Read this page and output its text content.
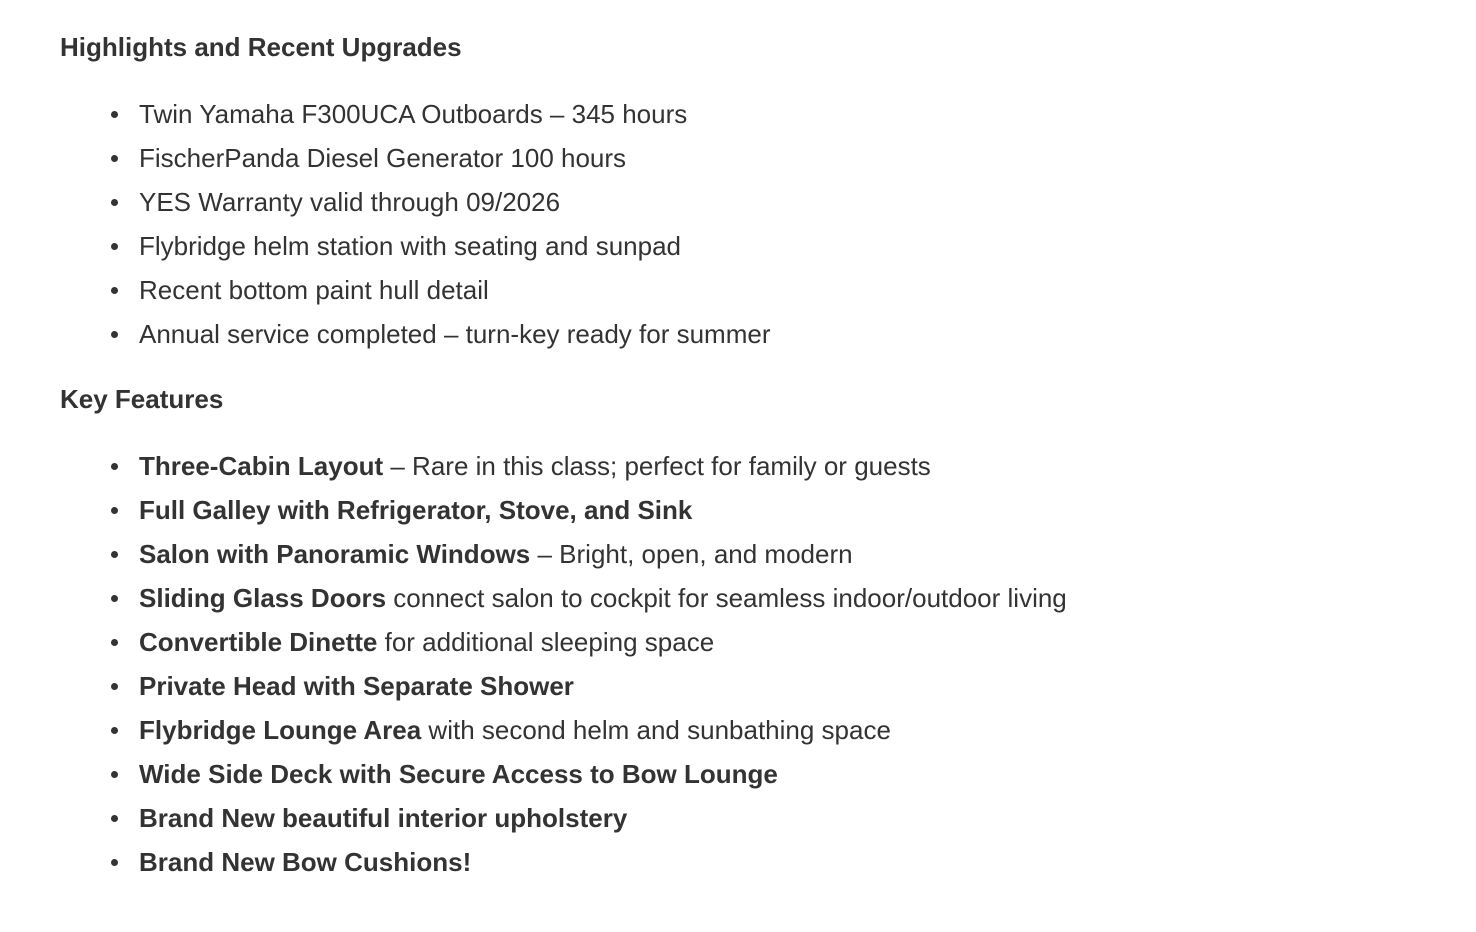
Highlights and Recent Upgrades
Twin Yamaha F300UCA Outboards – 345 hours
FischerPanda Diesel Generator 100 hours
YES Warranty valid through 09/2026
Flybridge helm station with seating and sunpad
Recent bottom paint hull detail
Annual service completed – turn-key ready for summer
Key Features
Three-Cabin Layout – Rare in this class; perfect for family or guests
Full Galley with Refrigerator, Stove, and Sink
Salon with Panoramic Windows – Bright, open, and modern
Sliding Glass Doors connect salon to cockpit for seamless indoor/outdoor living
Convertible Dinette for additional sleeping space
Private Head with Separate Shower
Flybridge Lounge Area with second helm and sunbathing space
Wide Side Deck with Secure Access to Bow Lounge
Brand New beautiful interior upholstery
Brand New Bow Cushions!
